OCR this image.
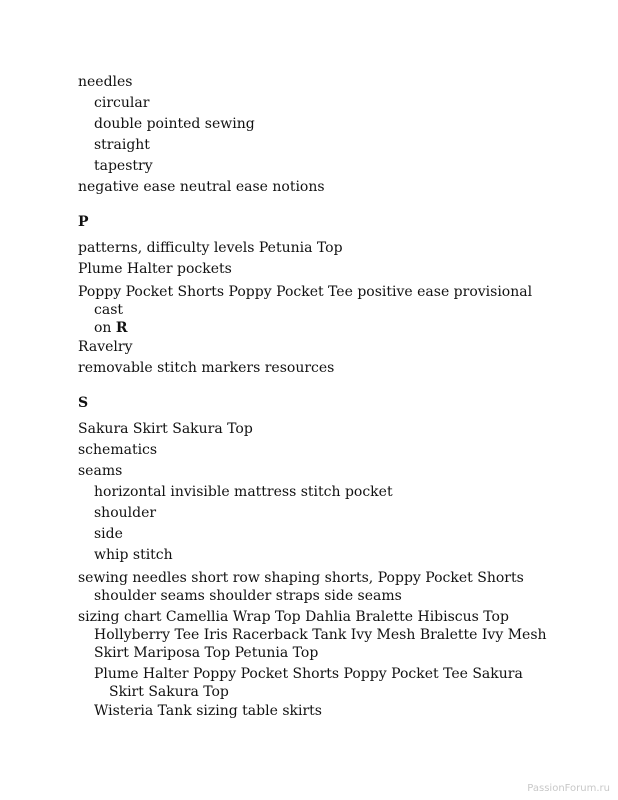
needles
circular
double pointed sewing
straight
tapestry
negative ease neutral ease notions
P
patterns, difficulty levels Petunia Top
Plume Halter pockets
Poppy Pocket Shorts Poppy Pocket Tee positive ease provisional cast
on R
Ravelry
removable stitch markers resources
S
Sakura Skirt Sakura Top
schematics
seams
horizontal invisible mattress stitch pocket
shoulder
side
whip stitch
sewing needles short row shaping shorts, Poppy Pocket Shorts shoulder seams shoulder straps side seams
sizing chart Camellia Wrap Top Dahlia Bralette Hibiscus Top Hollyberry Tee Iris Racerback Tank Ivy Mesh Bralette Ivy Mesh Skirt Mariposa Top Petunia Top
Plume Halter Poppy Pocket Shorts Poppy Pocket Tee Sakura Skirt Sakura Top
Wisteria Tank sizing table skirts
PassionForum.ru
